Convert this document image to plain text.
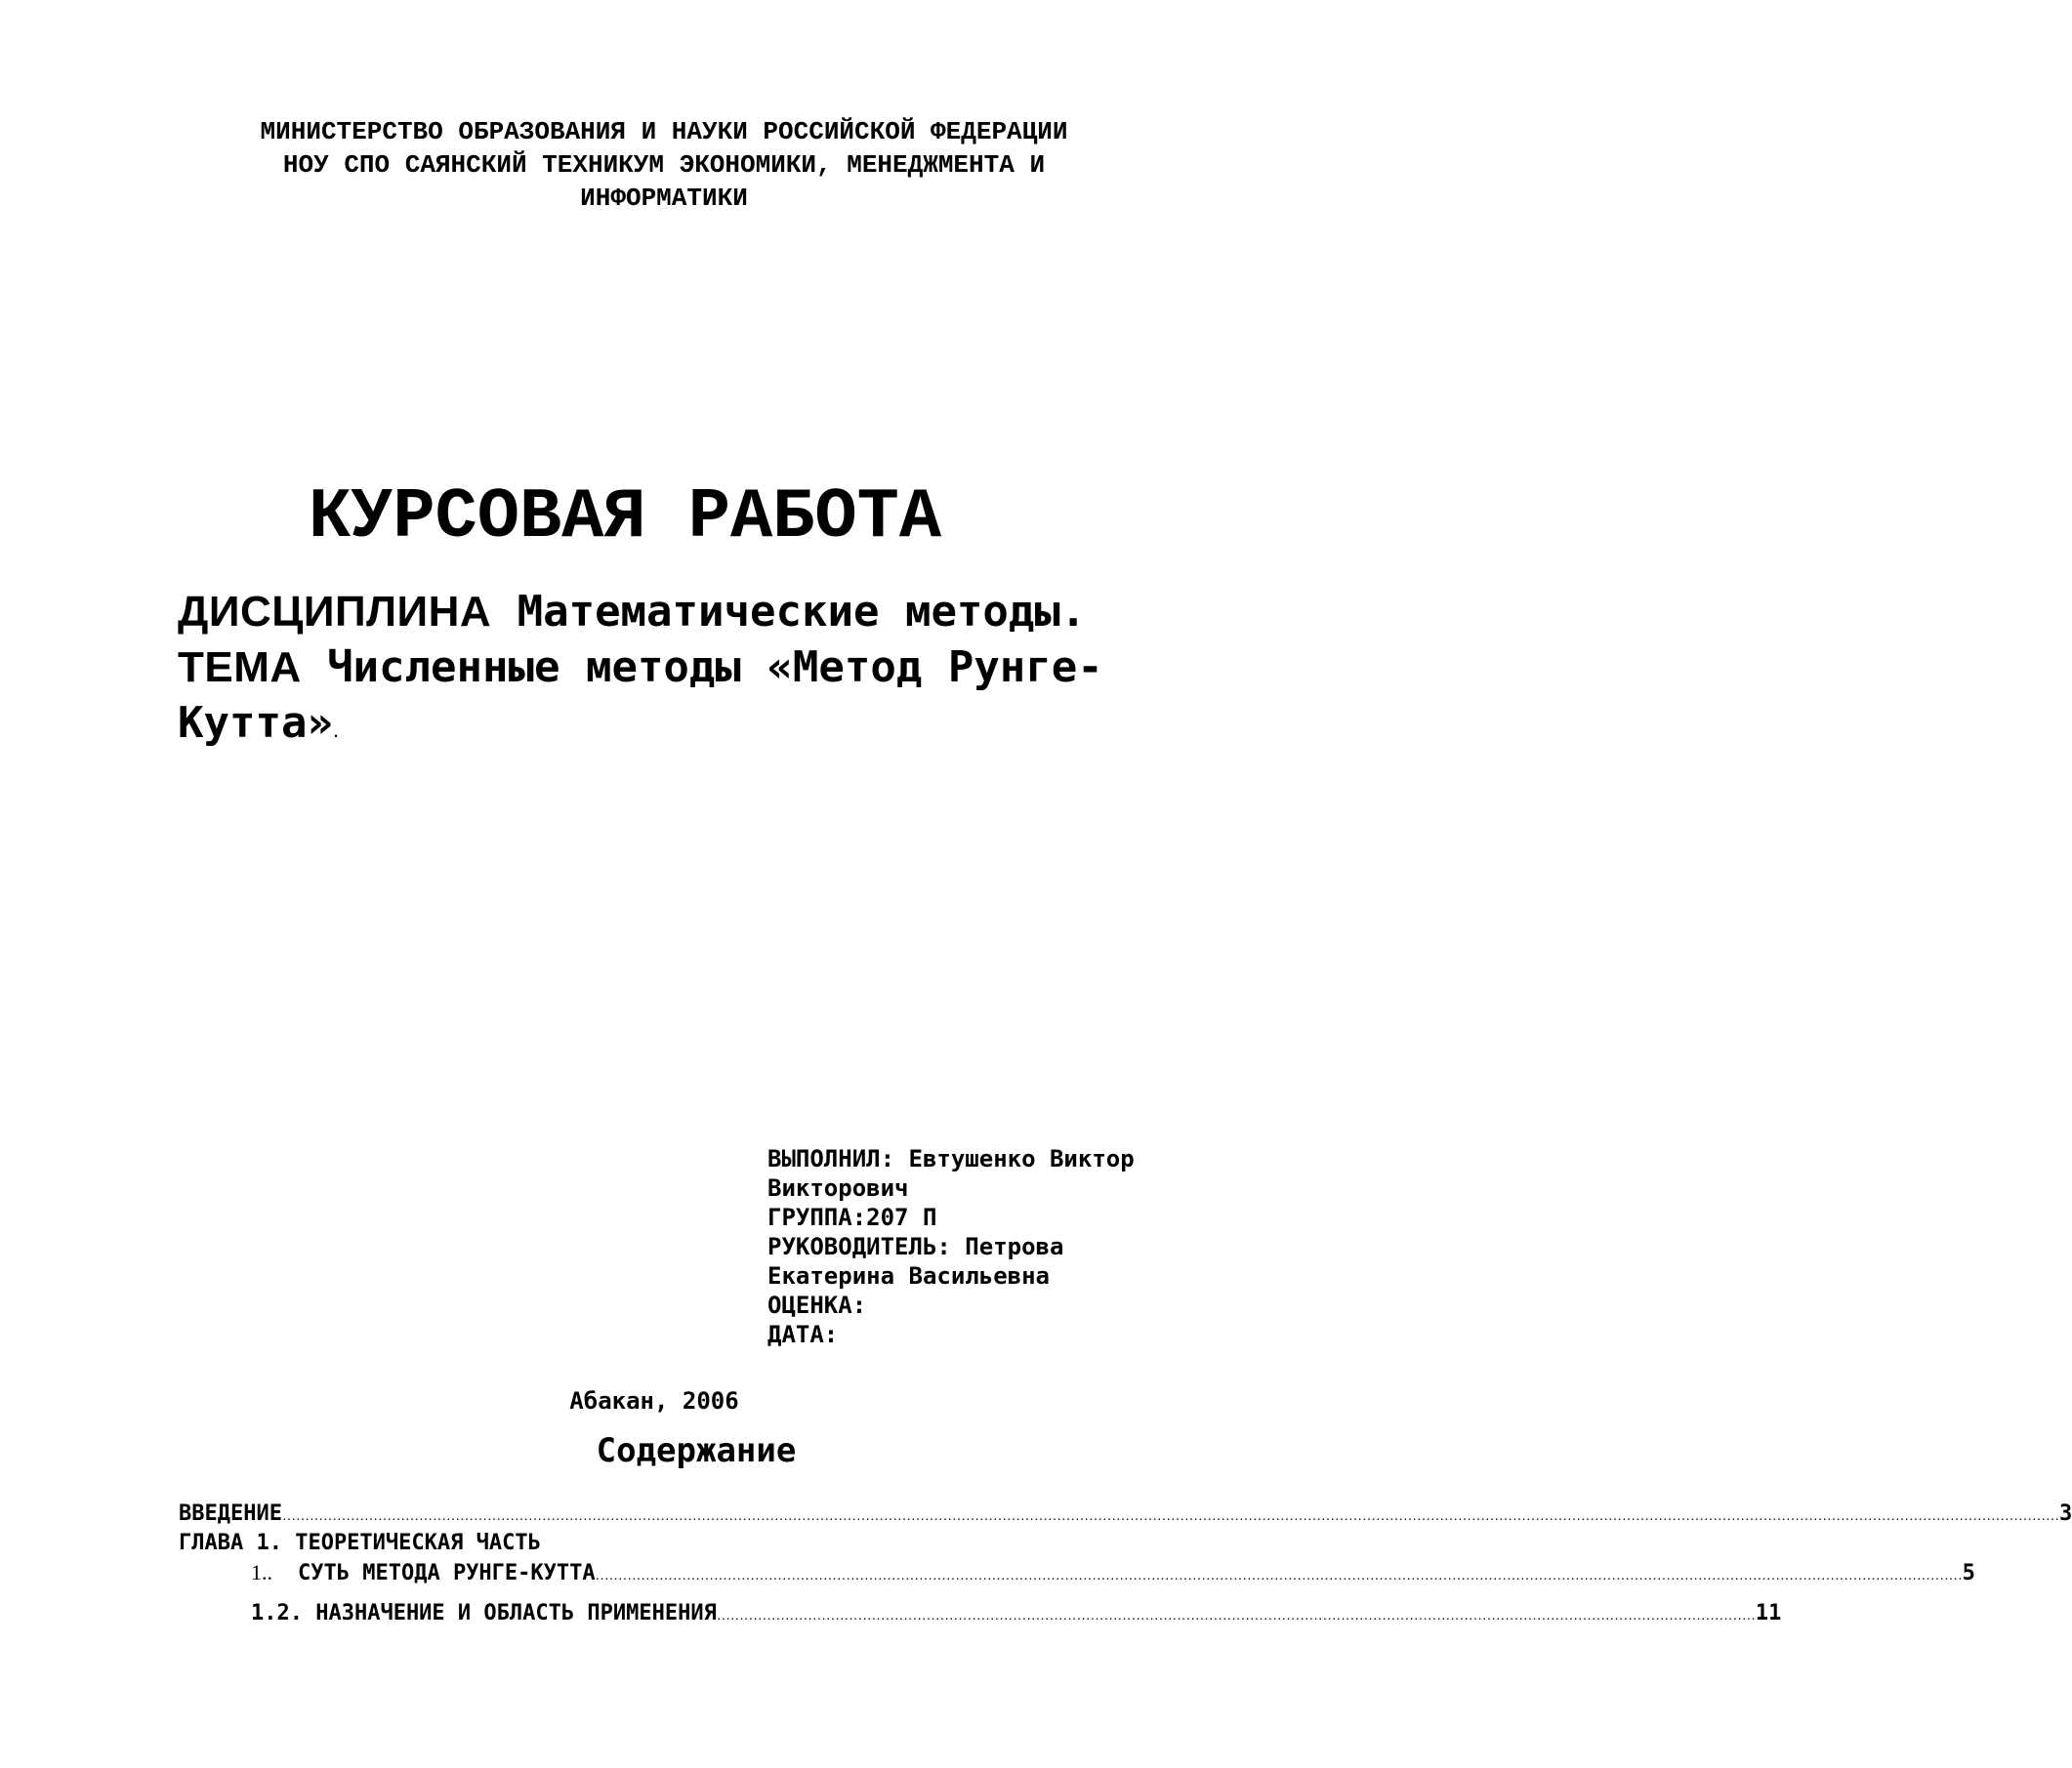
МИНИСТЕРСТВО ОБРАЗОВАНИЯ И НАУКИ РОССИЙСКОЙ ФЕДЕРАЦИИ
НОУ СПО САЯНСКИЙ ТЕХНИКУМ ЭКОНОМИКИ, МЕНЕДЖМЕНТА И
ИНФОРМАТИКИ
КУРСОВАЯ РАБОТА
ДИСЦИПЛИНА Математические методы.
ТЕМА Численные методы «Метод Рунге-
Кутта».
ВЫПОЛНИЛ: Евтушенко Виктор
Викторович
ГРУППА:207 П
РУКОВОДИТЕЛЬ: Петрова
Екатерина Васильевна
ОЦЕНКА:
ДАТА:
Абакан, 2006
Содержание
ВВЕДЕНИЕ ………………………………………………………………………………………………………………………………………………………………………………………………………………………………………………………………………………………………………………………………………………………… 3
ГЛАВА 1. ТЕОРЕТИЧЕСКАЯ ЧАСТЬ
1.. СУТЬ МЕТОДА РУНГЕ-КУТТА ………………………………………………………………………………………………………………………………………………………………………………………………………………………………………………………………………… 5
1.2. НАЗНАЧЕНИЕ И ОБЛАСТЬ ПРИМЕНЕНИЯ ………………………………………………………………………………………………………………………………………………………………………………………………………… 11
